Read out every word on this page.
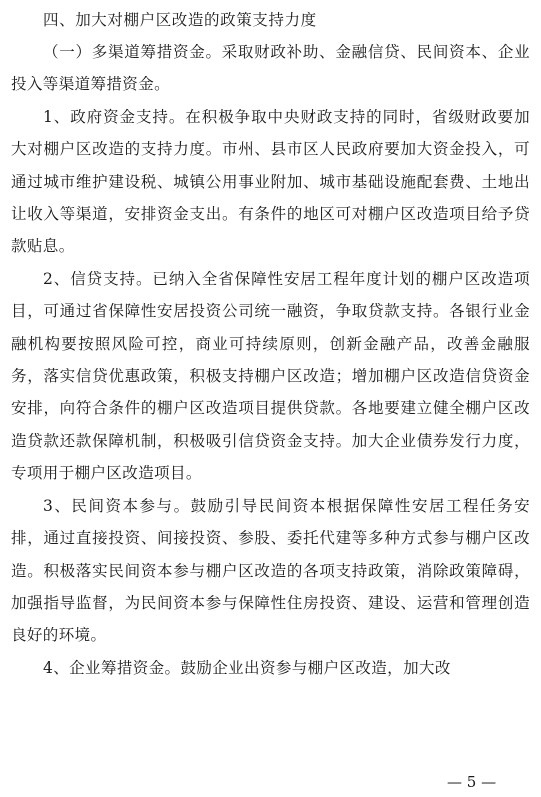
四、加大对棚户区改造的政策支持力度

（一）多渠道筹措资金。采取财政补助、金融信贷、民间资本、企业投入等渠道筹措资金。

1、政府资金支持。在积极争取中央财政支持的同时，省级财政要加大对棚户区改造的支持力度。市州、县市区人民政府要加大资金投入，可通过城市维护建设税、城镇公用事业附加、城市基础设施配套费、土地出让收入等渠道，安排资金支出。有条件的地区可对棚户区改造项目给予贷款贴息。

2、信贷支持。已纳入全省保障性安居工程年度计划的棚户区改造项目，可通过省保障性安居投资公司统一融资，争取贷款支持。各银行业金融机构要按照风险可控，商业可持续原则，创新金融产品，改善金融服务，落实信贷优惠政策，积极支持棚户区改造；增加棚户区改造信贷资金安排，向符合条件的棚户区改造项目提供贷款。各地要建立健全棚户区改造贷款还款保障机制，积极吸引信贷资金支持。加大企业债券发行力度，专项用于棚户区改造项目。

3、民间资本参与。鼓励引导民间资本根据保障性安居工程任务安排，通过直接投资、间接投资、参股、委托代建等多种方式参与棚户区改造。积极落实民间资本参与棚户区改造的各项支持政策，消除政策障碍，加强指导监督，为民间资本参与保障性住房投资、建设、运营和管理创造良好的环境。

4、企业筹措资金。鼓励企业出资参与棚户区改造，加大改

— 5 —
